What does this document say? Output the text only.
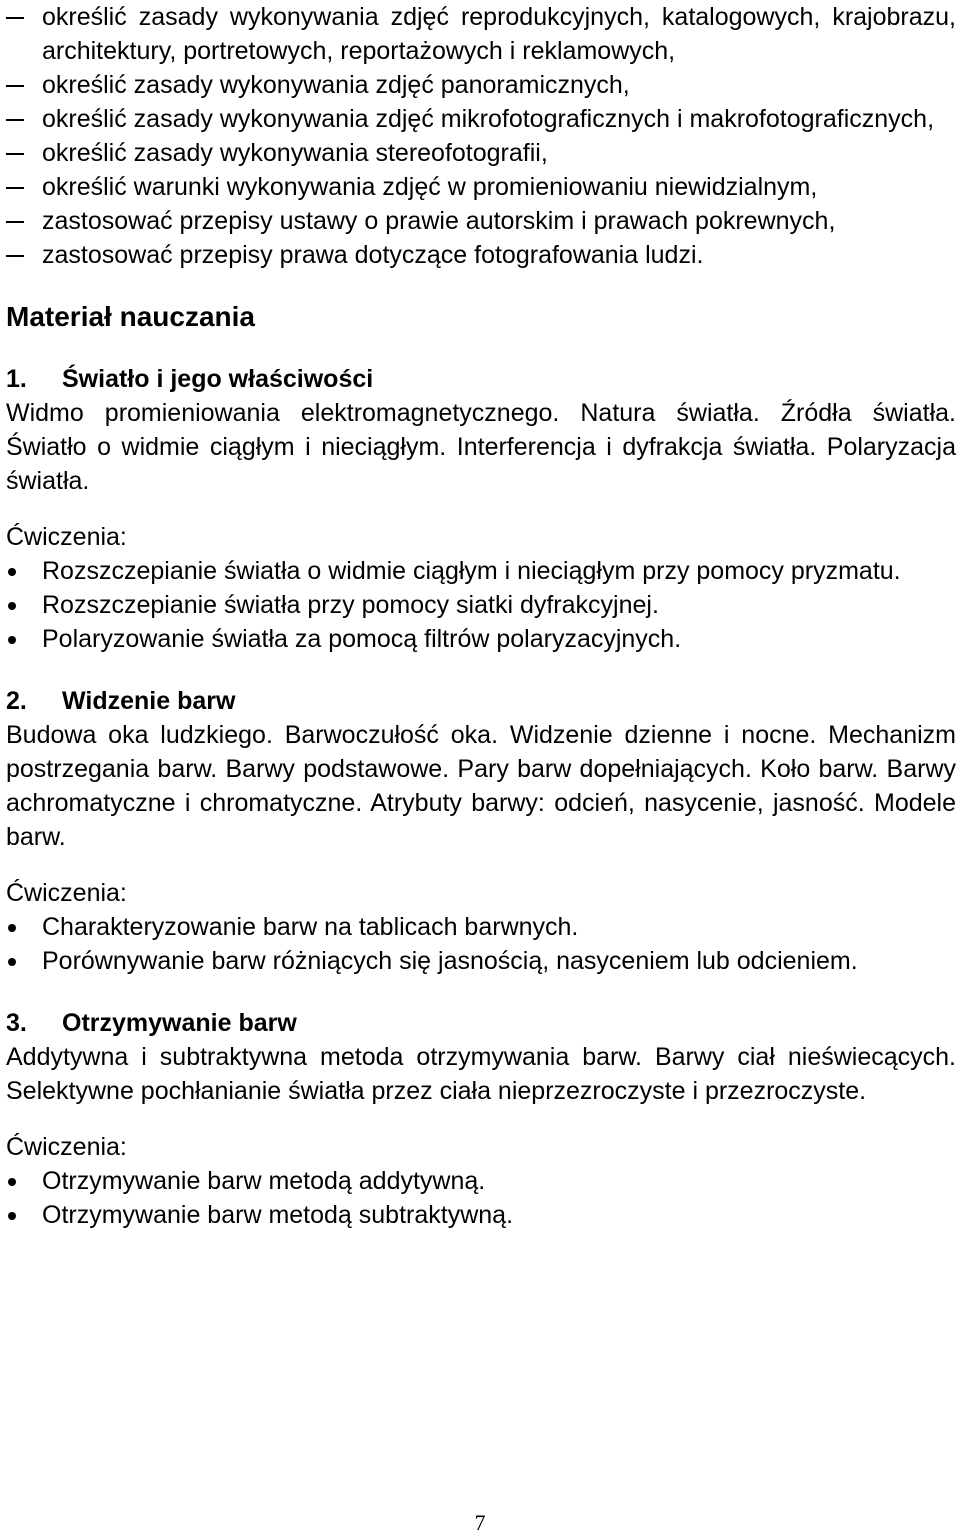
określić zasady wykonywania zdjęć reprodukcyjnych, katalogowych, krajobrazu, architektury, portretowych, reportażowych i reklamowych,
określić zasady wykonywania zdjęć panoramicznych,
określić zasady wykonywania zdjęć mikrofotograficznych i makrofotograficznych,
określić zasady wykonywania stereofotografii,
określić warunki wykonywania zdjęć w promieniowaniu niewidzialnym,
zastosować przepisy ustawy o prawie autorskim i prawach pokrewnych,
zastosować przepisy prawa dotyczące fotografowania ludzi.
Materiał nauczania

1. Światło i jego właściwości

Widmo promieniowania elektromagnetycznego. Natura światła. Źródła światła. Światło o widmie ciągłym i nieciągłym. Interferencja i dyfrakcja światła. Polaryzacja światła.

Ćwiczenia:

Rozszczepianie światła o widmie ciągłym i nieciągłym przy pomocy pryzmatu.
Rozszczepianie światła przy pomocy siatki dyfrakcyjnej.
Polaryzowanie światła za pomocą filtrów polaryzacyjnych.

2. Widzenie barw

Budowa oka ludzkiego. Barwoczułość oka. Widzenie dzienne i nocne. Mechanizm postrzegania barw. Barwy podstawowe. Pary barw dopełniających. Koło barw. Barwy achromatyczne i chromatyczne. Atrybuty barwy: odcień, nasycenie, jasność. Modele barw.

Ćwiczenia:

Charakteryzowanie barw na tablicach barwnych.
Porównywanie barw różniących się jasnością, nasyceniem lub odcieniem.

3. Otrzymywanie barw

Addytywna i subtraktywna metoda otrzymywania barw. Barwy ciał nieświecących. Selektywne pochłanianie światła przez ciała nieprzezroczyste i przezroczyste.

Ćwiczenia:

Otrzymywanie barw metodą addytywną.
Otrzymywanie barw metodą subtraktywną.
7
